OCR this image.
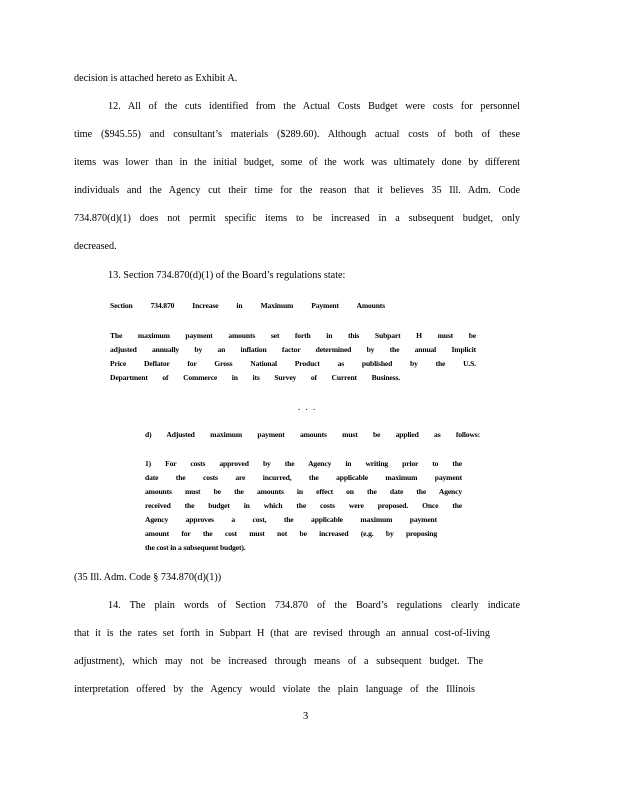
decision is attached hereto as Exhibit A.
12. All of the cuts identified from the Actual Costs Budget were costs for personnel
time ($945.55) and consultant’s materials ($289.60). Although actual costs of both of these
items was lower than in the initial budget, some of the work was ultimately done by different
individuals and the Agency cut their time for the reason that it believes 35 Ill. Adm. Code
734.870(d)(1) does not permit specific items to be increased in a subsequent budget, only
decreased.
13. Section 734.870(d)(1) of the Board’s regulations state:
Section 734.870 Increase in Maximum Payment Amounts
The maximum payment amounts set forth in this Subpart H must be
adjusted annually by an inflation factor determined by the annual Implicit
Price Deflator for Gross National Product as published by the U.S.
Department of Commerce in its Survey of Current Business.
. . .
d) Adjusted maximum payment amounts must be applied as follows:
1) For costs approved by the Agency in writing prior to the
date the costs are incurred, the applicable maximum payment
amounts must be the amounts in effect on the date the Agency
received the budget in which the costs were proposed. Once the
Agency approves a cost, the applicable maximum payment
amount for the cost must not be increased (e.g. by proposing
the cost in a subsequent budget).
(35 Ill. Adm. Code § 734.870(d)(1))
14. The plain words of Section 734.870 of the Board’s regulations clearly indicate
that it is the rates set forth in Subpart H (that are revised through an annual cost-of-living
adjustment), which may not be increased through means of a subsequent budget. The
interpretation offered by the Agency would violate the plain language of the Illinois
3
